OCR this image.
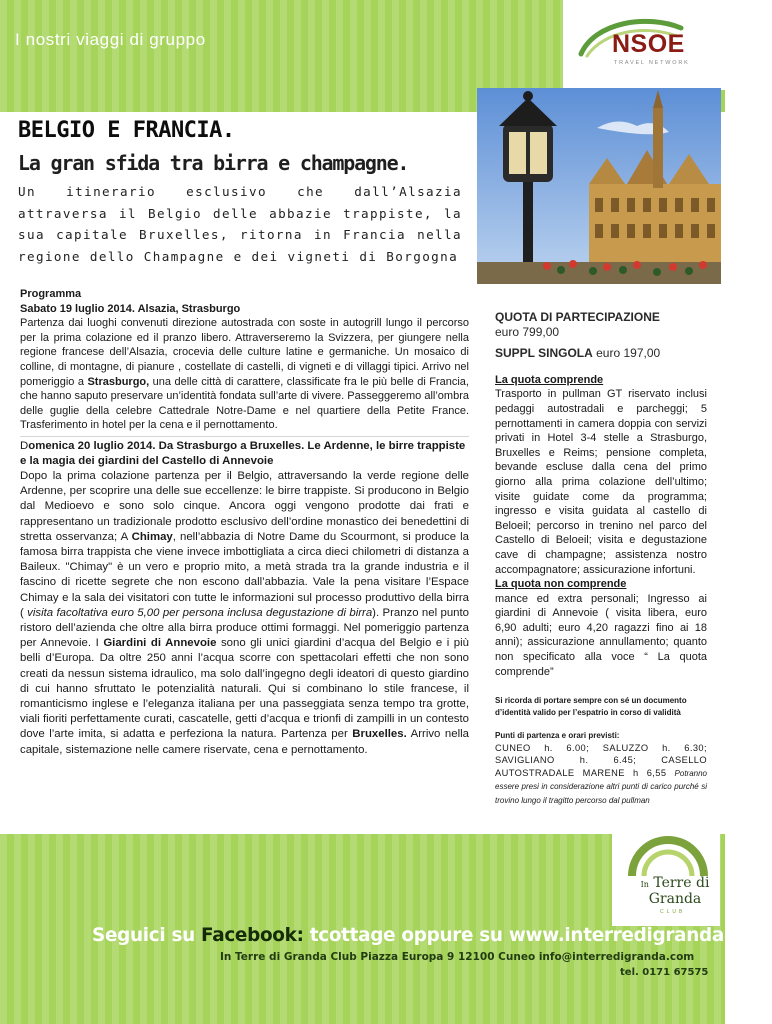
I nostri viaggi di gruppo	NSOE
TRAVEL NETWORK
BELGIO E FRANCIA.
La gran sfida tra birra e champagne.
Un itinerario esclusivo che dall’Alsazia attraversa il Belgio delle abbazie trappiste, la sua capitale Bruxelles, ritorna in Francia nella regione dello Champagne e dei vigneti di Borgogna
Programma
Sabato 19 luglio 2014. Alsazia, Strasburgo
Partenza dai luoghi convenuti direzione autostrada con soste in autogrill lungo il percorso per la prima colazione ed il pranzo libero. Attraverseremo la Svizzera, per giungere nella regione francese dell’Alsazia, crocevia delle culture latine e germaniche. Un mosaico di colline, di montagne, di pianure , costellate di castelli, di vigneti e di villaggi tipici. Arrivo nel pomeriggio a Strasburgo, una delle città di carattere, classificate fra le più belle di Francia, che hanno saputo preservare un’identità fondata sull’arte di vivere. Passeggeremo all’ombra delle guglie della celebre Cattedrale Notre-Dame e nel quartiere della Petite France. Trasferimento in hotel per la cena e il pernottamento.
Domenica 20 luglio 2014. Da Strasburgo a Bruxelles. Le Ardenne, le birre trappiste e la magia dei giardini del Castello di Annevoie
Dopo la prima colazione partenza per il Belgio, attraversando la verde regione delle Ardenne, per scoprire una delle sue eccellenze: le birre trappiste. Si producono in Belgio dal Medioevo e sono solo cinque. Ancora oggi vengono prodotte dai frati e rappresentano un tradizionale prodotto esclusivo dell’ordine monastico dei benedettini di stretta osservanza; A Chimay, nell’abbazia di Notre Dame du Scourmont, si produce la famosa birra trappista che viene invece imbottigliata a circa dieci chilometri di distanza a Baileux. "Chimay" è un vero e proprio mito, a metà strada tra la grande industria e il fascino di ricette segrete che non escono dall’abbazia. Vale la pena visitare l’Espace Chimay e la sala dei visitatori con tutte le informazioni sul processo produttivo della birra ( visita facoltativa euro 5,00 per persona inclusa degustazione di birra). Pranzo nel punto ristoro dell’azienda che oltre alla birra produce ottimi formaggi. Nel pomeriggio partenza per Annevoie. I Giardini di Annevoie sono gli unici giardini d’acqua del Belgio e i più belli d’Europa. Da oltre 250 anni l’acqua scorre con spettacolari effetti che non sono creati da nessun sistema idraulico, ma solo dall’ingegno degli ideatori di questo giardino di cui hanno sfruttato le potenzialità naturali. Qui si combinano lo stile francese, il romanticismo inglese e l’eleganza italiana per una passeggiata senza tempo tra grotte, viali fioriti perfettamente curati, cascatelle, getti d’acqua e trionfi di zampilli in un contesto dove l’arte imita, si adatta e perfeziona la natura. Partenza per Bruxelles. Arrivo nella capitale, sistemazione nelle camere riservate, cena e pernottamento.
QUOTA DI PARTECIPAZIONE
euro 799,00
SUPPL SINGOLA euro 197,00
La quota comprende
Trasporto in pullman GT riservato inclusi pedaggi autostradali e parcheggi; 5 pernottamenti in camera doppia con servizi privati in Hotel 3-4 stelle a Strasburgo, Bruxelles e Reims; pensione completa, bevande escluse dalla cena del primo giorno alla prima colazione dell’ultimo; visite guidate come da programma; ingresso e visita guidata al castello di Beloeil; percorso in trenino nel parco del Castello di Beloeil; visita e degustazione cave di champagne; assistenza nostro accompagnatore; assicurazione infortuni.
La quota non comprende
mance ed extra personali; Ingresso ai giardini di Annevoie ( visita libera, euro 6,90 adulti; euro 4,20 ragazzi fino ai 18 anni); assicurazione annullamento; quanto non specificato alla voce “ La quota comprende”
Si ricorda di portare sempre con sé un documento d’identità valido per l’espatrio in corso di validità
Punti di partenza e orari previsti:
CUNEO h. 6.00; SALUZZO h. 6.30; SAVIGLIANO h. 6.45; CASELLO AUTOSTRADALE MARENE h 6,55 Potranno essere presi in considerazione altri punti di carico purché si trovino lungo il tragitto percorso dal pullman
In Terre di
Granda
CLUB
Seguici su Facebook: tcottage oppure su www.interredigranda.com
In Terre di Granda Club Piazza Europa 9 12100 Cuneo info@interredigranda.com
tel. 0171 67575
